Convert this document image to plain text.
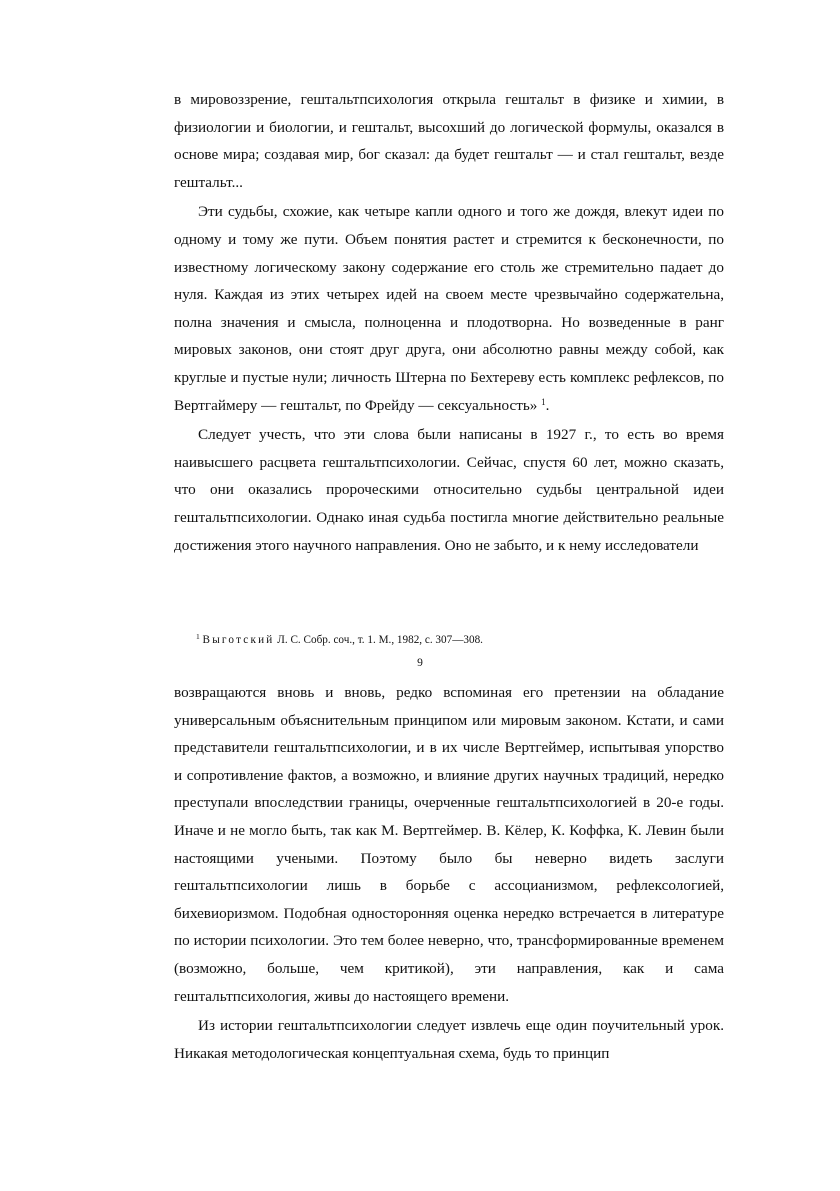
в мировоззрение, гештальтпсихология открыла гештальт в физике и химии, в физиологии и биологии, и гештальт, высохший до логической формулы, оказался в основе мира; создавая мир, бог сказал: да будет гештальт — и стал гештальт, везде гештальт...

Эти судьбы, схожие, как четыре капли одного и того же дождя, влекут идеи по одному и тому же пути. Объем понятия растет и стремится к бесконечности, по известному логическому закону содержание его столь же стремительно падает до нуля. Каждая из этих четырех идей на своем месте чрезвычайно содержательна, полна значения и смысла, полноценна и плодотворна. Но возведенные в ранг мировых законов, они стоят друг друга, они абсолютно равны между собой, как круглые и пустые нули; личность Штерна по Бехтереву есть комплекс рефлексов, по Вертгаймеру — гештальт, по Фрейду — сексуальность» $^1$.

Следует учесть, что эти слова были написаны в 1927 г., то есть во время наивысшего расцвета гештальтпсихологии. Сейчас, спустя 60 лет, можно сказать, что они оказались пророческими относительно судьбы центральной идеи гештальтпсихологии. Однако иная судьба постигла многие действительно реальные достижения этого научного направления. Оно не забыто, и к нему исследователи

$^1$ Выготский Л. С. Собр. соч., т. 1. М., 1982, с. 307—308.
9

возвращаются вновь и вновь, редко вспоминая его претензии на обладание универсальным объяснительным принципом или мировым законом. Кстати, и сами представители гештальтпсихологии, и в их числе Вертгеймер, испытывая упорство и сопротивление фактов, а возможно, и влияние других научных традиций, нередко преступали впоследствии границы, очерченные гештальтпсихологией в 20-е годы. Иначе и не могло быть, так как М. Вертгеймер. В. Кёлер, К. Коффка, К. Левин были настоящими учеными. Поэтому было бы неверно видеть заслуги гештальтпсихологии лишь в борьбе с ассоцианизмом, рефлексологией, бихевиоризмом. Подобная односторонняя оценка нередко встречается в литературе по истории психологии. Это тем более неверно, что, трансформированные временем (возможно, больше, чем критикой), эти направления, как и сама гештальтпсихология, живы до настоящего времени.

Из истории гештальтпсихологии следует извлечь еще один поучительный урок. Никакая методологическая концептуальная схема, будь то принцип
